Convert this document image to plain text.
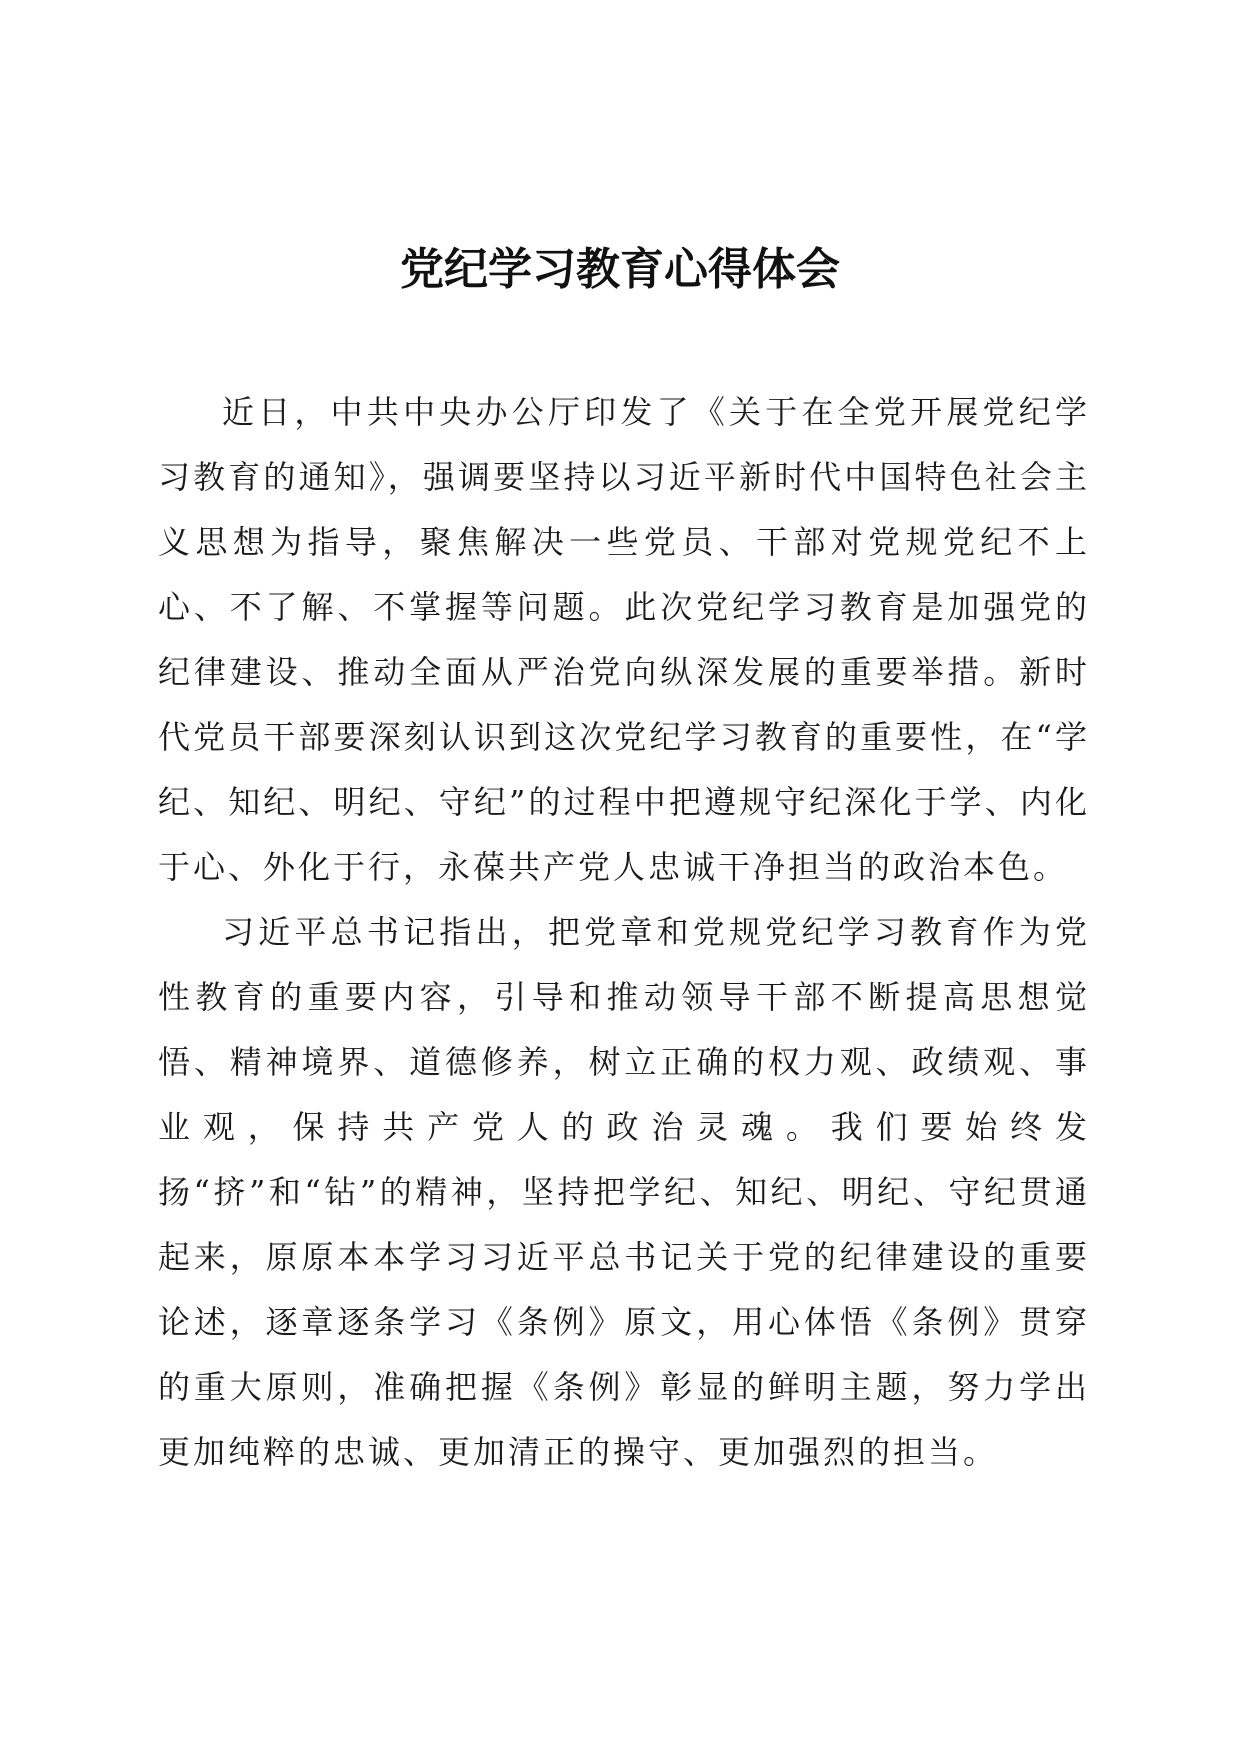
党纪学习教育心得体会

近日，中共中央办公厅印发了《关于在全党开展党纪学习教育的通知》，强调要坚持以习近平新时代中国特色社会主义思想为指导，聚焦解决一些党员、干部对党规党纪不上心、不了解、不掌握等问题。此次党纪学习教育是加强党的纪律建设、推动全面从严治党向纵深发展的重要举措。新时代党员干部要深刻认识到这次党纪学习教育的重要性，在“学纪、知纪、明纪、守纪”的过程中把遵规守纪深化于学、内化于心、外化于行，永葆共产党人忠诚干净担当的政治本色。

习近平总书记指出，把党章和党规党纪学习教育作为党性教育的重要内容，引导和推动领导干部不断提高思想觉悟、精神境界、道德修养，树立正确的权力观、政绩观、事业观，保持共产党人的政治灵魂。我们要始终发扬“挤”和“钻”的精神，坚持把学纪、知纪、明纪、守纪贯通起来，原原本本学习习近平总书记关于党的纪律建设的重要论述，逐章逐条学习《条例》原文，用心体悟《条例》贯穿的重大原则，准确把握《条例》彰显的鲜明主题，努力学出更加纯粹的忠诚、更加清正的操守、更加强烈的担当。
